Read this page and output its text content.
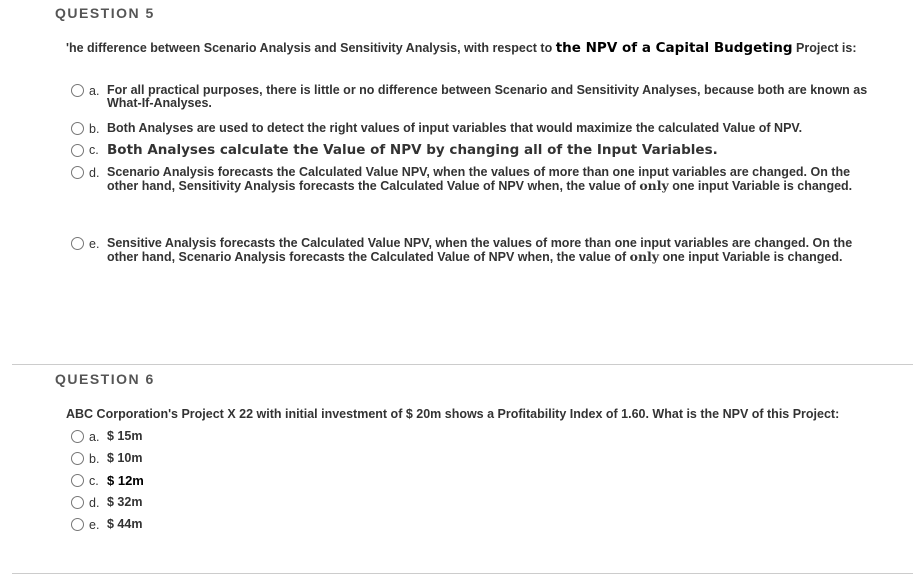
QUESTION 5
'he difference between Scenario Analysis and Sensitivity Analysis, with respect to the NPV of a Capital Budgeting Project is:
a. For all practical purposes, there is little or no difference between Scenario and Sensitivity Analyses, because both are known as What-If-Analyses.
b. Both Analyses are used to detect the right values of input variables that would maximize the calculated Value of NPV.
c. Both Analyses calculate the Value of NPV by changing all of the Input Variables.
d. Scenario Analysis forecasts the Calculated Value NPV, when the values of more than one input variables are changed. On the other hand, Sensitivity Analysis forecasts the Calculated Value of NPV when, the value of only one input Variable is changed.
e. Sensitive Analysis forecasts the Calculated Value NPV, when the values of more than one input variables are changed. On the other hand, Scenario Analysis forecasts the Calculated Value of NPV when, the value of only one input Variable is changed.
QUESTION 6
ABC Corporation's Project X 22 with initial investment of $ 20m shows a Profitability Index of 1.60. What is the NPV of this Project:
a. $ 15m
b. $ 10m
c. $ 12m
d. $ 32m
e. $ 44m
